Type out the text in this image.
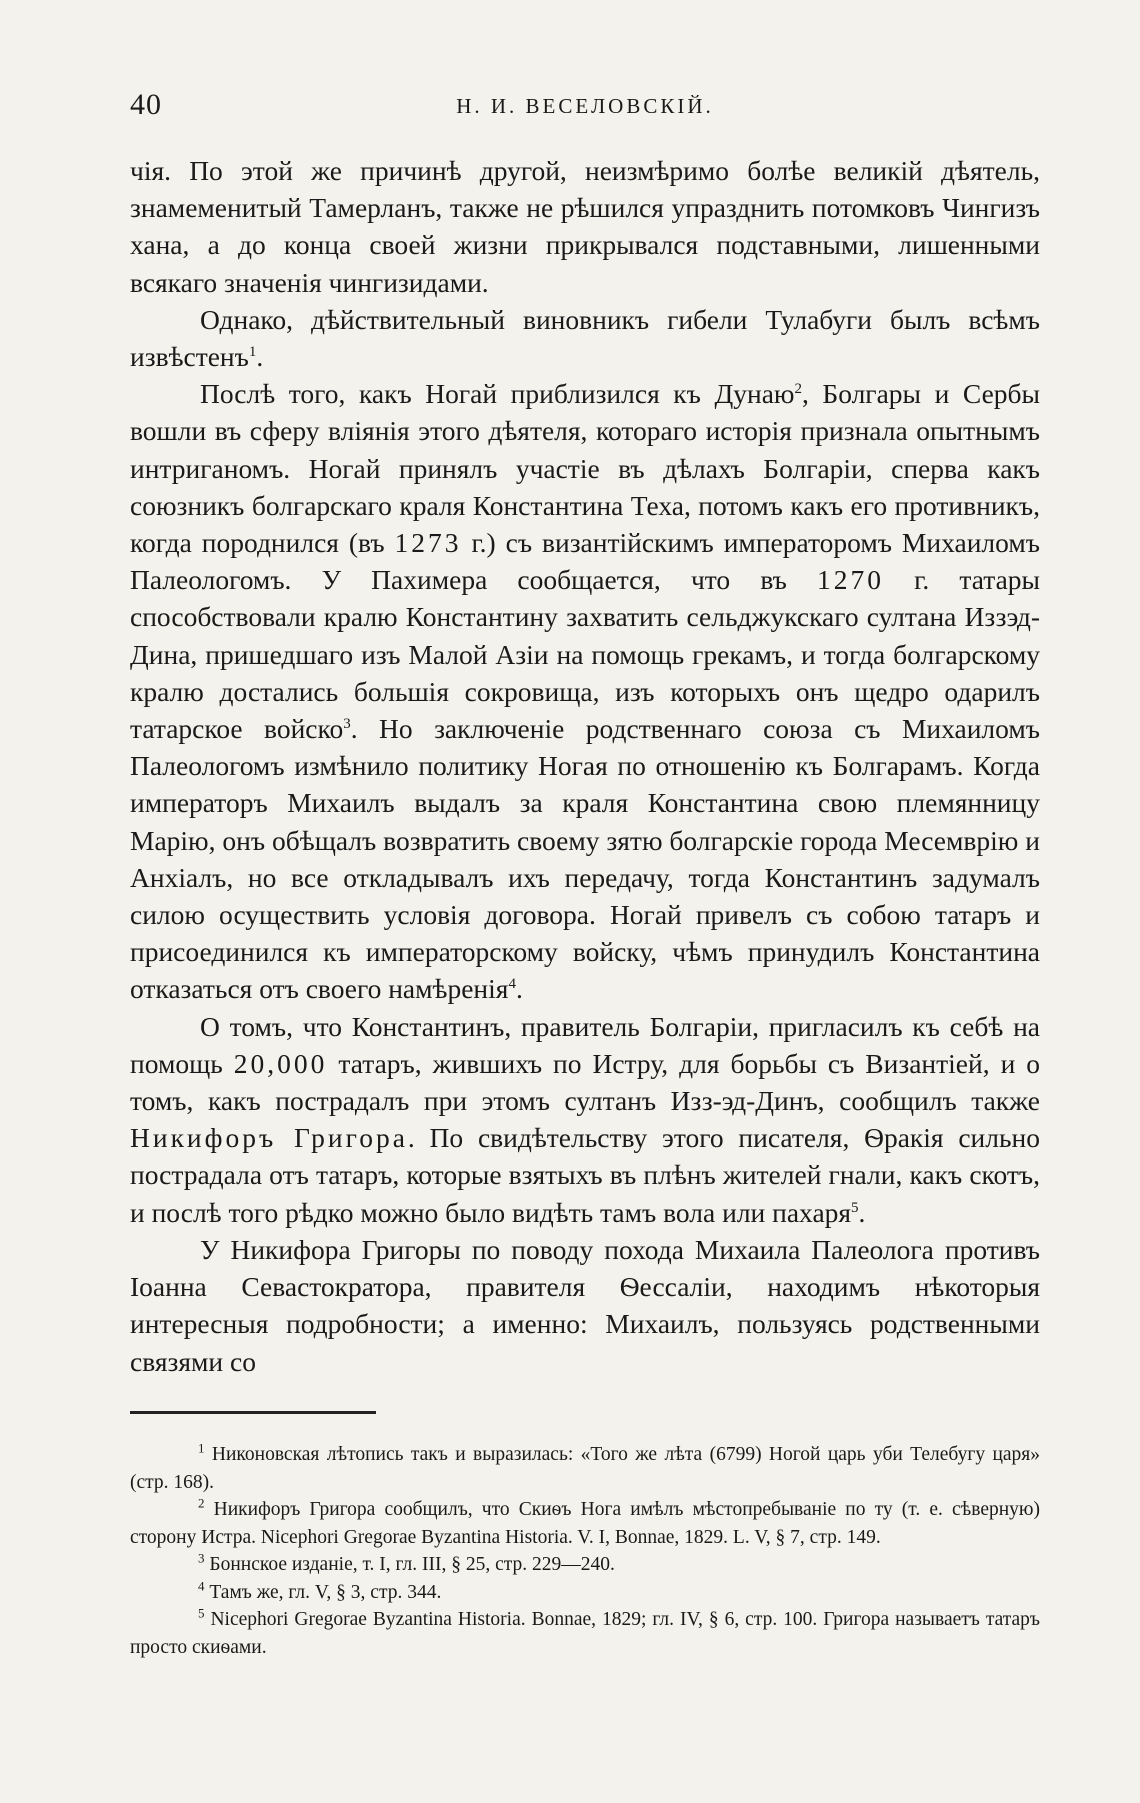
40	Н. И. ВЕСЕЛОВСКІЙ.

чія. По этой же причинѣ другой, неизмѣримо болѣе великій дѣятель, знамеменитый Тамерланъ, также не рѣшился упразднить потомковъ Чингизъ хана, а до конца своей жизни прикрывался подставными, лишенными всякаго значенія чингизидами.

Однако, дѣйствительный виновникъ гибели Тулабуги былъ всѣмъ извѣстенъ$^1$.

Послѣ того, какъ Ногай приблизился къ Дунаю$^2$, Болгары и Сербы вошли въ сферу вліянія этого дѣятеля, котораго исторія признала опытнымъ интриганомъ. Ногай принялъ участіе въ дѣлахъ Болгаріи, сперва какъ союзникъ болгарскаго краля Константина Теха, потомъ какъ его противникъ, когда породнился (въ 1273 г.) съ византійскимъ императоромъ Михаиломъ Палеологомъ. У Пахимера сообщается, что въ 1270 г. татары способствовали кралю Константину захватить сельджукскаго султана Иззэд-Дина, пришедшаго изъ Малой Азіи на помощь грекамъ, и тогда болгарскому кралю достались большія сокровища, изъ которыхъ онъ щедро одарилъ татарское войско$^3$. Но заключеніе родственнаго союза съ Михаиломъ Палеологомъ измѣнило политику Ногая по отношенію къ Болгарамъ. Когда императоръ Михаилъ выдалъ за краля Константина свою племянницу Марію, онъ обѣщалъ возвратить своему зятю болгарскіе города Месемврію и Анхіалъ, но все откладывалъ ихъ передачу, тогда Константинъ задумалъ силою осуществить условія договора. Ногай привелъ съ собою татаръ и присоединился къ императорскому войску, чѣмъ принудилъ Константина отказаться отъ своего намѣренія$^4$.

О томъ, что Константинъ, правитель Болгаріи, пригласилъ къ себѣ на помощь 20,000 татаръ, жившихъ по Истру, для борьбы съ Византіей, и о томъ, какъ пострадалъ при этомъ султанъ Изз-эд-Динъ, сообщилъ также Никифоръ Григора. По свидѣтельству этого писателя, Ѳракія сильно пострадала отъ татаръ, которые взятыхъ въ плѣнъ жителей гнали, какъ скотъ, и послѣ того рѣдко можно было видѣть тамъ вола или пахаря$^5$.

У Никифора Григоры по поводу похода Михаила Палеолога противъ Іоанна Севастократора, правителя Ѳессаліи, находимъ нѣкоторыя интересныя подробности; а именно: Михаилъ, пользуясь родственными связями со

$^1$ Никоновская лѣтопись такъ и выразилась: «Того же лѣта (6799) Ногой царь уби Телебугу царя» (стр. 168).

$^2$ Никифоръ Григора сообщилъ, что Скиѳъ Нога имѣлъ мѣстопребываніе по ту (т. е. сѣверную) сторону Истра. Nicephori Gregorae Byzantina Historia. V. I, Bonnae, 1829. L. V, § 7, стр. 149.

$^3$ Боннское изданіе, т. I, гл. III, § 25, стр. 229—240.

$^4$ Тамъ же, гл. V, § 3, стр. 344.

$^5$ Nicephori Gregorae Byzantina Historia. Bonnae, 1829; гл. IV, § 6, стр. 100. Григора называетъ татаръ просто скиѳами.
